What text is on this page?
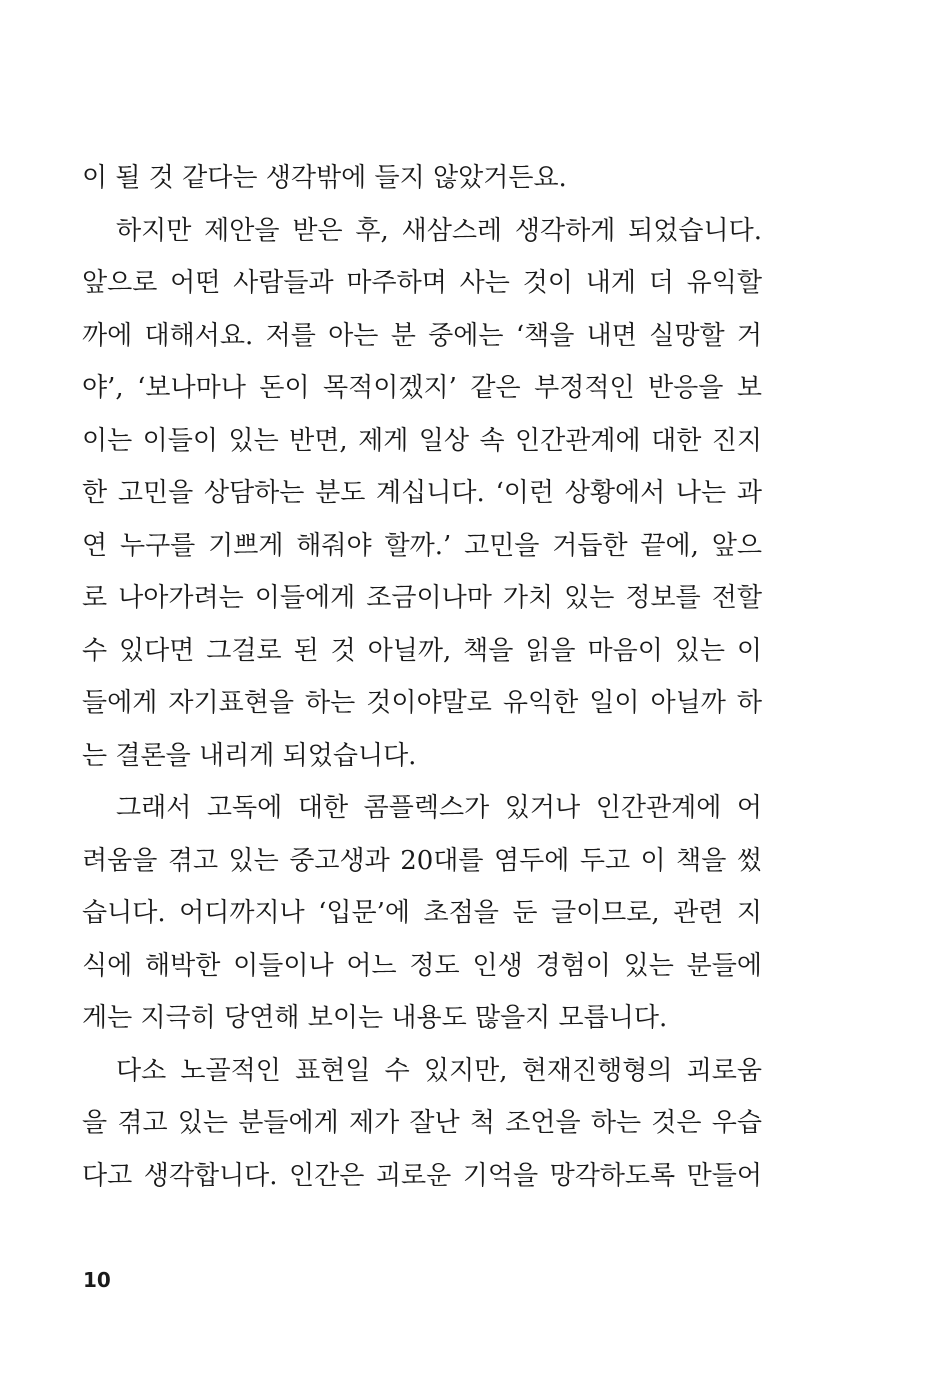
이 될 것 같다는 생각밖에 들지 않았거든요.
하지만 제안을 받은 후, 새삼스레 생각하게 되었습니다.
앞으로 어떤 사람들과 마주하며 사는 것이 내게 더 유익할
까에 대해서요. 저를 아는 분 중에는 ‘책을 내면 실망할 거
야’, ‘보나마나 돈이 목적이겠지’ 같은 부정적인 반응을 보
이는 이들이 있는 반면, 제게 일상 속 인간관계에 대한 진지
한 고민을 상담하는 분도 계십니다. ‘이런 상황에서 나는 과
연 누구를 기쁘게 해줘야 할까.’ 고민을 거듭한 끝에, 앞으
로 나아가려는 이들에게 조금이나마 가치 있는 정보를 전할
수 있다면 그걸로 된 것 아닐까, 책을 읽을 마음이 있는 이
들에게 자기표현을 하는 것이야말로 유익한 일이 아닐까 하
는 결론을 내리게 되었습니다.
그래서 고독에 대한 콤플렉스가 있거나 인간관계에 어
려움을 겪고 있는 중고생과 20대를 염두에 두고 이 책을 썼
습니다. 어디까지나 ‘입문’에 초점을 둔 글이므로, 관련 지
식에 해박한 이들이나 어느 정도 인생 경험이 있는 분들에
게는 지극히 당연해 보이는 내용도 많을지 모릅니다.
다소 노골적인 표현일 수 있지만, 현재진행형의 괴로움
을 겪고 있는 분들에게 제가 잘난 척 조언을 하는 것은 우습
다고 생각합니다. 인간은 괴로운 기억을 망각하도록 만들어
10
